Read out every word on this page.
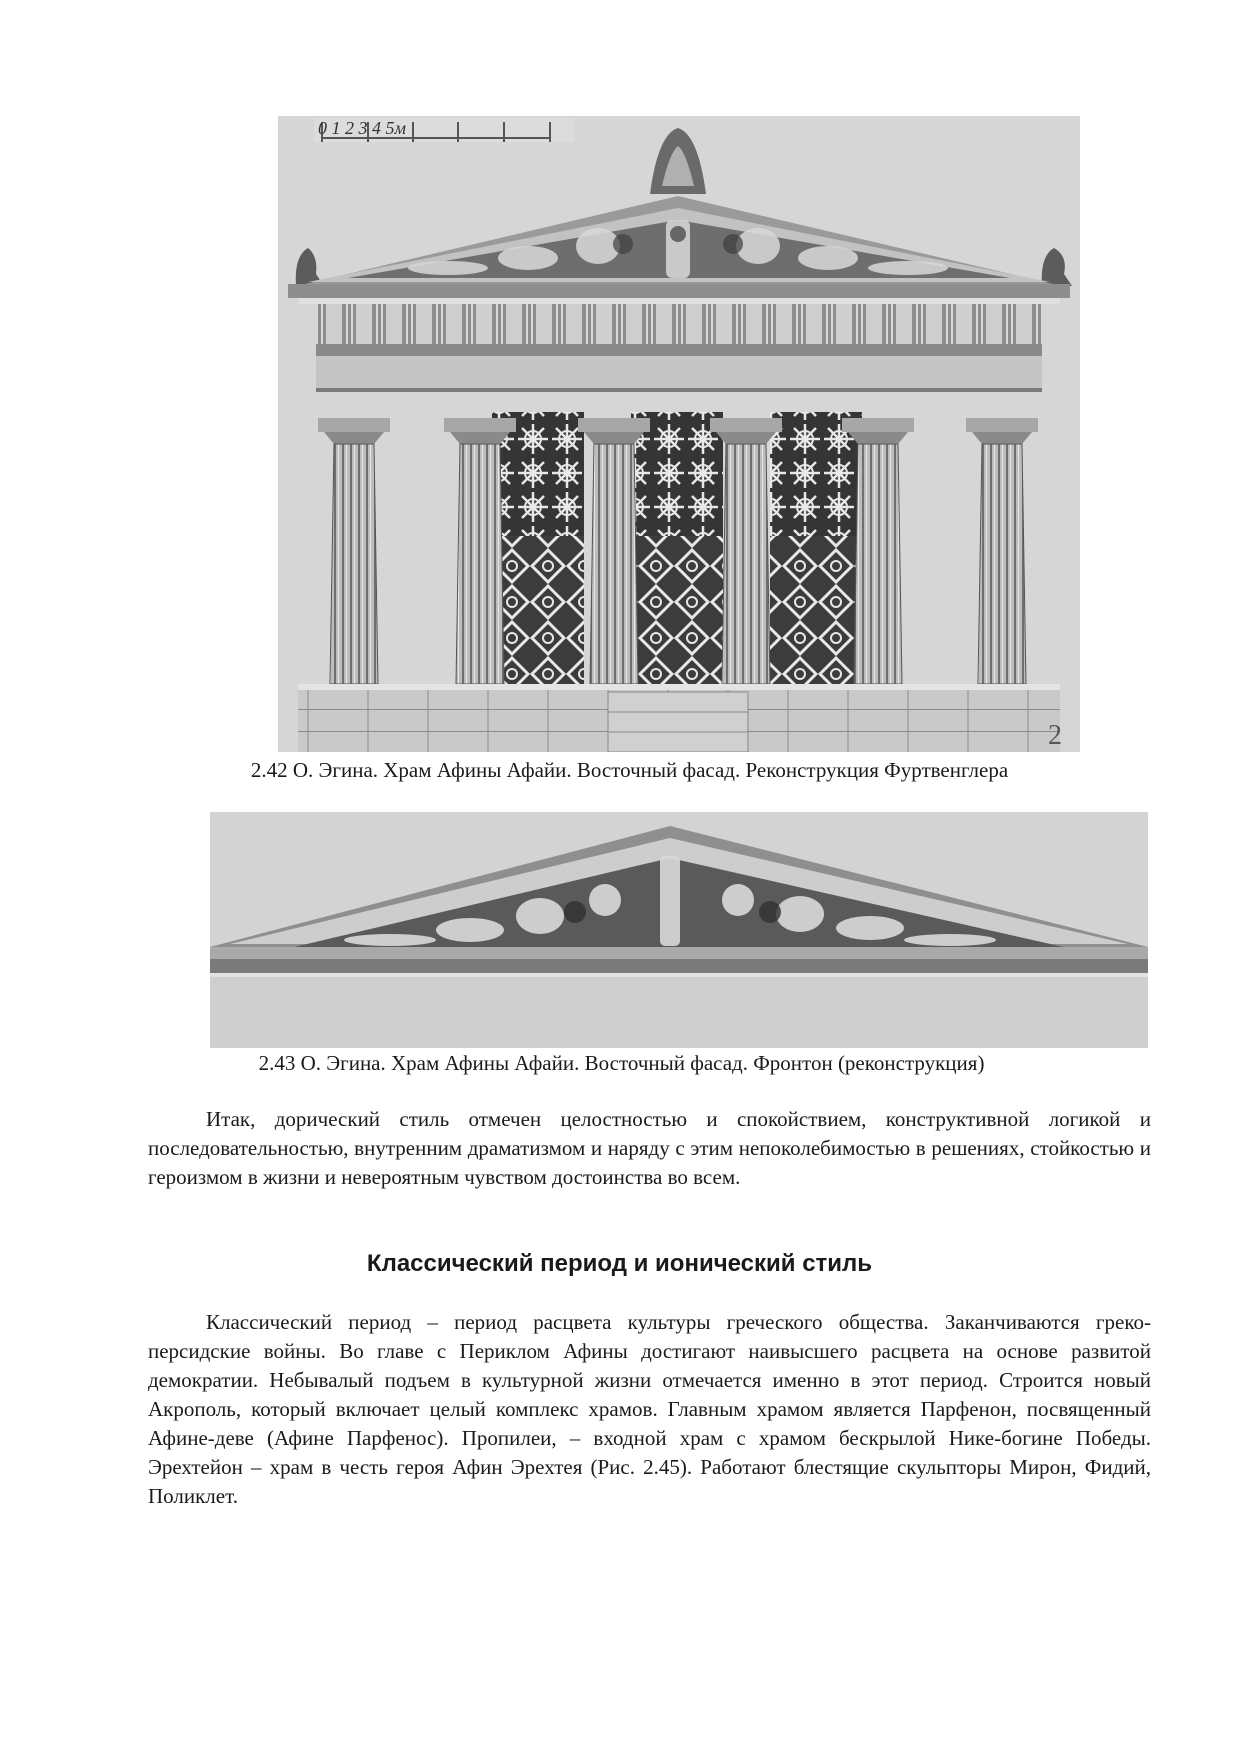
0 1 2 3 4 5м
2
2.42 О. Эгина. Храм Афины Афайи. Восточный фасад. Реконструкция Фуртвенглера
2.43 О. Эгина. Храм Афины Афайи. Восточный фасад. Фронтон (реконструкция)

Итак, дорический стиль отмечен целостностью и спокойствием, конструктивной логикой и последовательностью, внутренним драматизмом и наряду с этим непоколебимостью в решениях, стойкостью и героизмом в жизни и невероятным чувством достоинства во всем.

Классический период и ионический стиль

Классический период – период расцвета культуры греческого общества. Заканчиваются греко-персидские войны. Во главе с Периклом Афины достигают наивысшего расцвета на основе развитой демократии. Небывалый подъем в культурной жизни отмечается именно в этот период. Строится новый Акрополь, который включает целый комплекс храмов. Главным храмом является Парфенон, посвященный Афине-деве (Афине Парфенос). Пропилеи, – входной храм с храмом бескрылой Нике-богине Победы. Эрехтейон – храм в честь героя Афин Эрехтея (Рис. 2.45). Работают блестящие скульпторы Мирон, Фидий, Поликлет.
